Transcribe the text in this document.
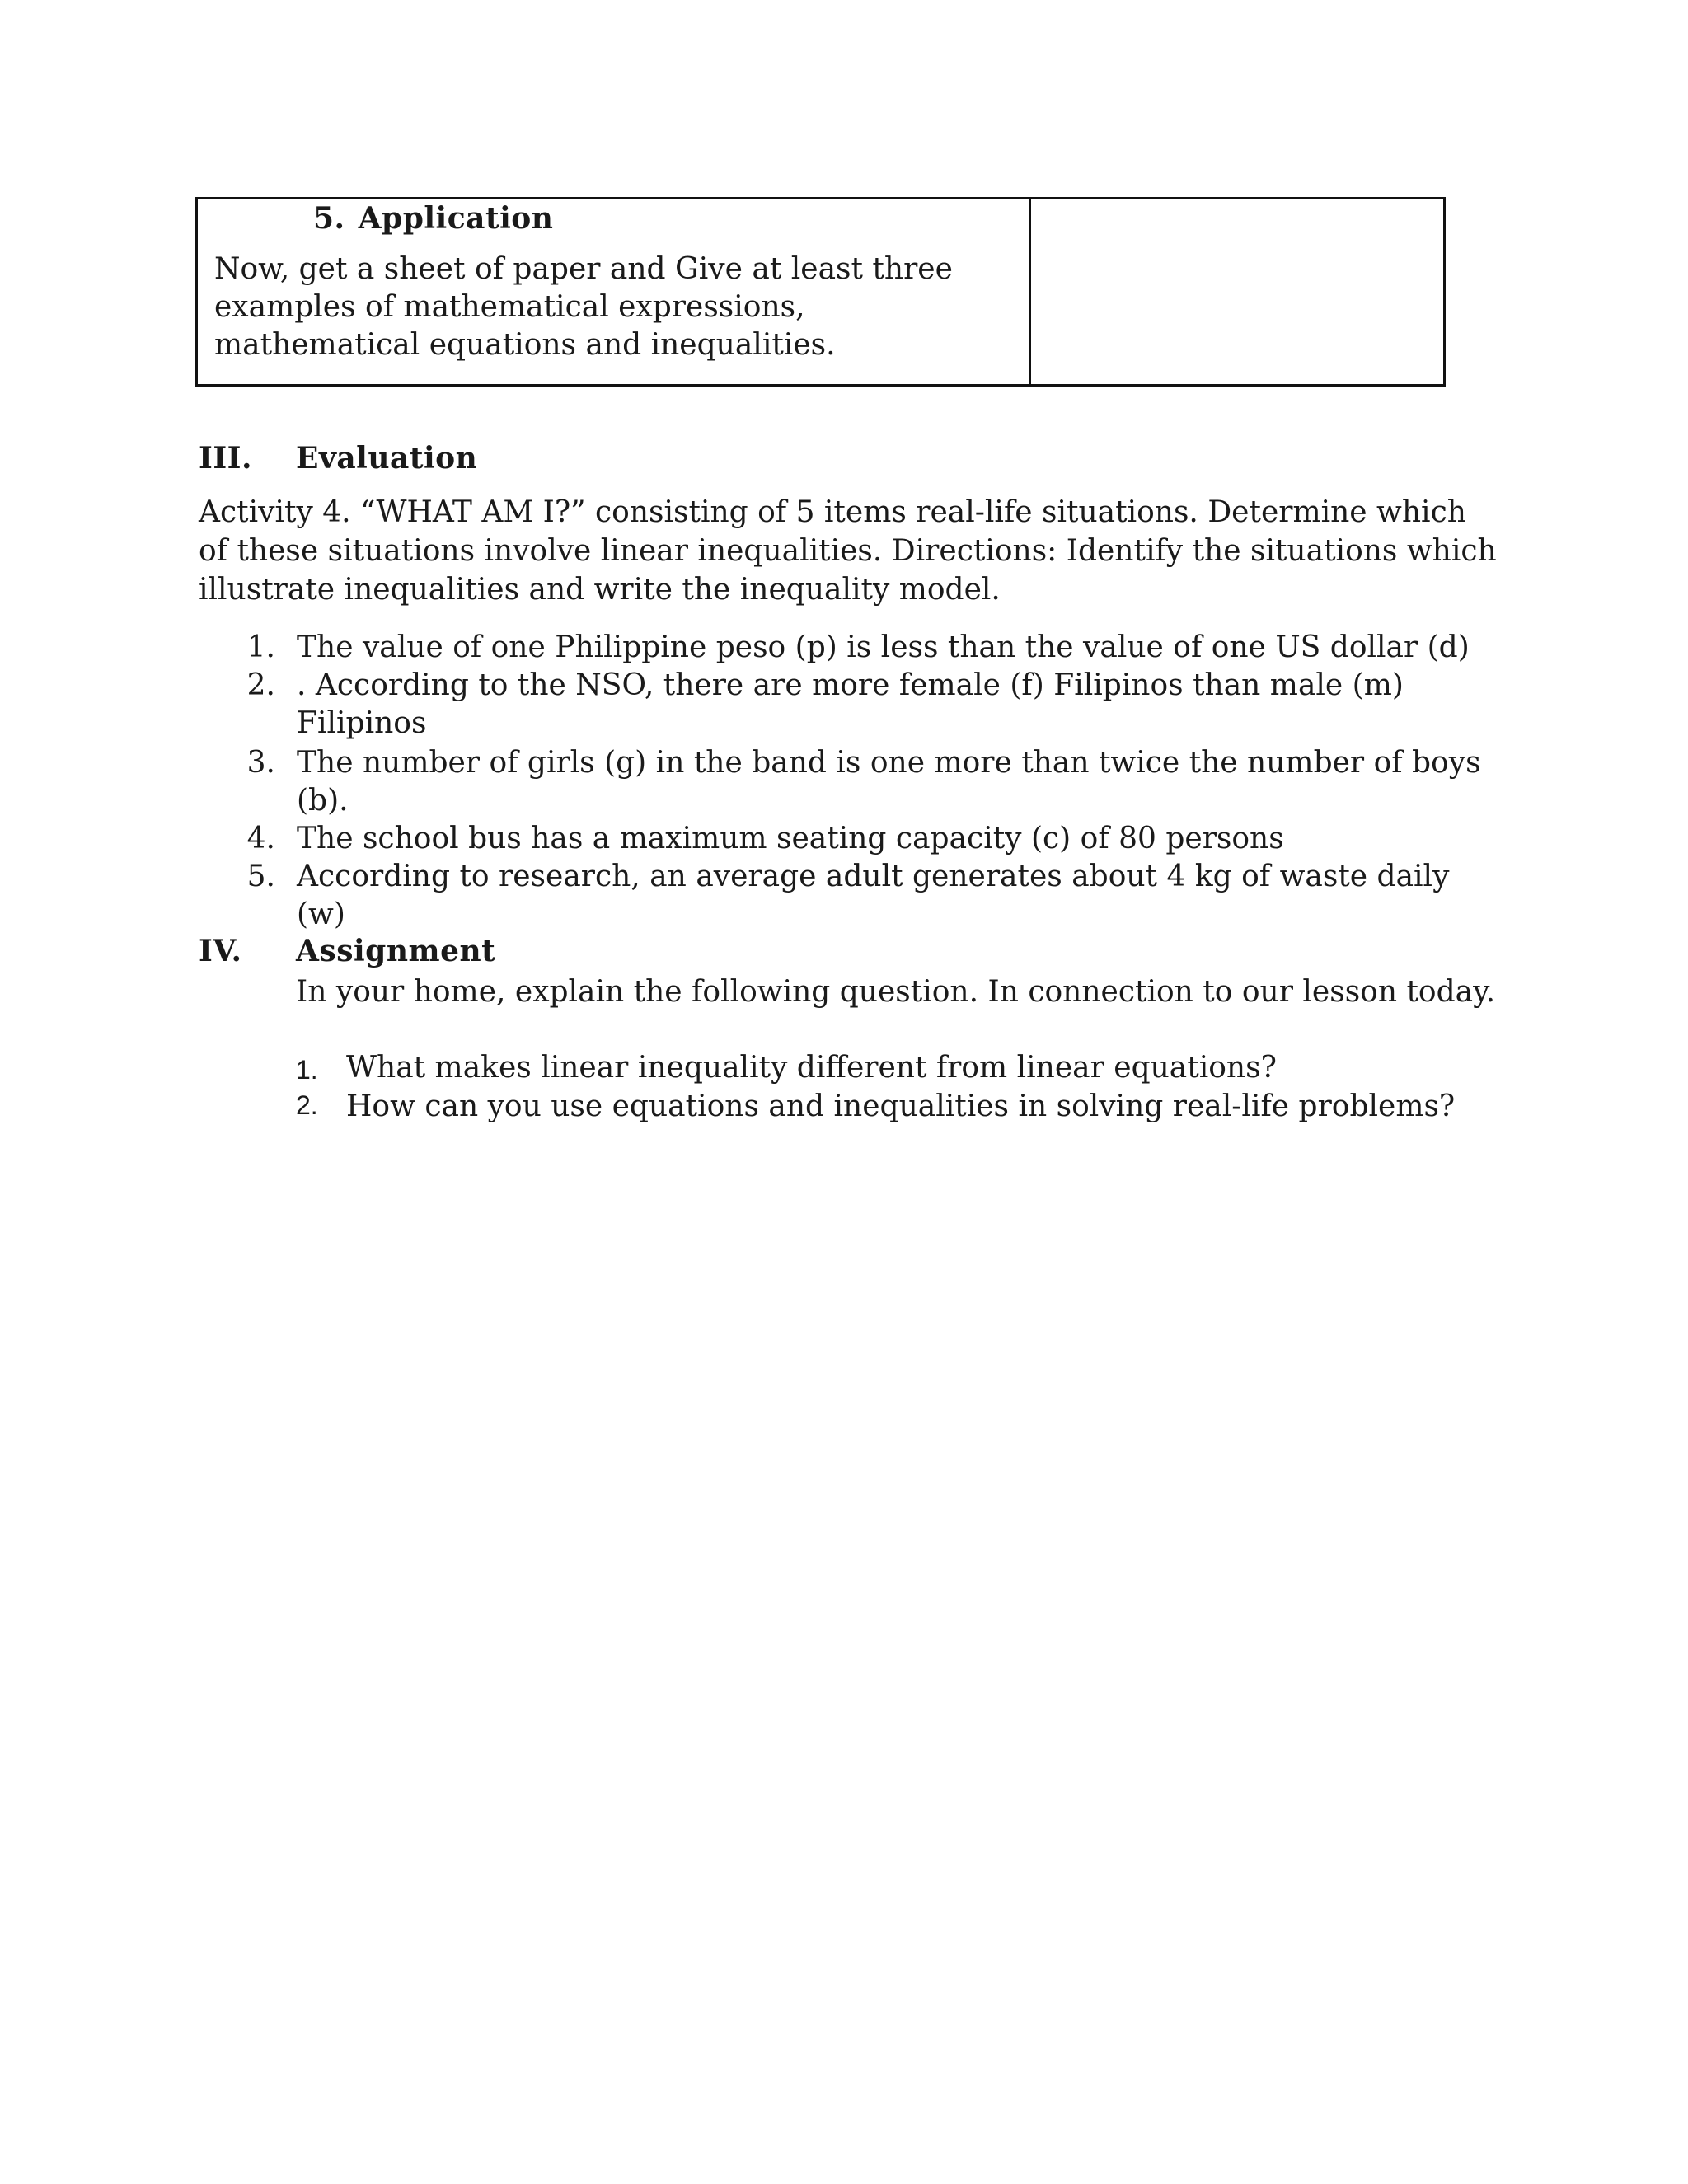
5. Application
Now, get a sheet of paper and Give at least three examples of mathematical expressions, mathematical equations and inequalities.
III. Evaluation
Activity 4. “WHAT AM I?” consisting of 5 items real-life situations. Determine which of these situations involve linear inequalities. Directions: Identify the situations which illustrate inequalities and write the inequality model.
1. The value of one Philippine peso (p) is less than the value of one US dollar (d)
2. . According to the NSO, there are more female (f) Filipinos than male (m) Filipinos
3. The number of girls (g) in the band is one more than twice the number of boys (b).
4. The school bus has a maximum seating capacity (c) of 80 persons
5. According to research, an average adult generates about 4 kg of waste daily (w)
IV. Assignment
In your home, explain the following question. In connection to our lesson today.
1. What makes linear inequality different from linear equations?
How can you use equations and inequalities in solving real-life problems?
2.
